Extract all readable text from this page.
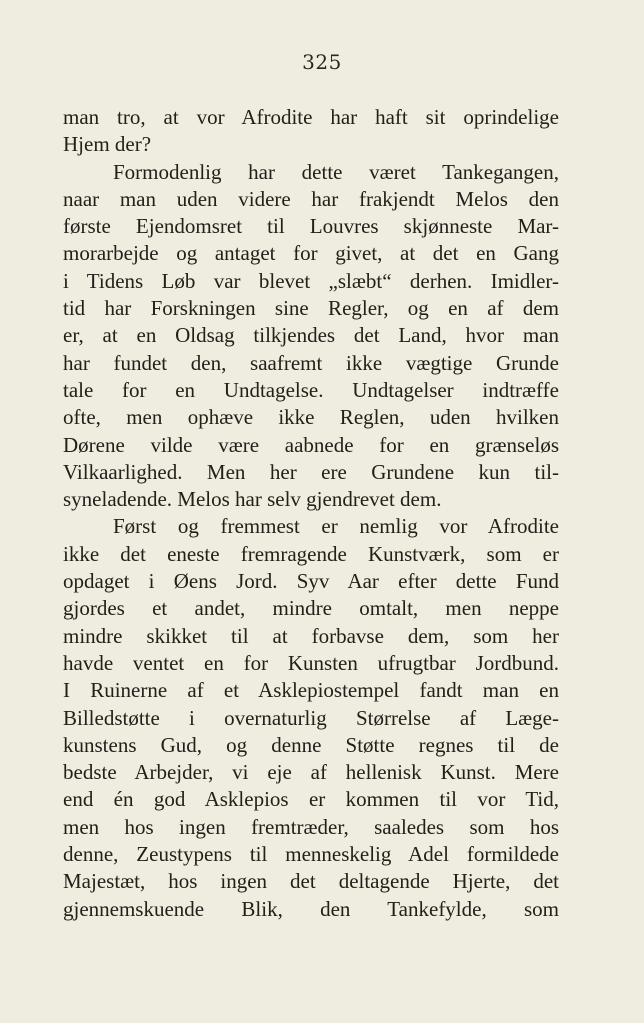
325
man tro, at vor Afrodite har haft sit oprindelige
Hjem der?
Formodenlig har dette været Tankegangen,
naar man uden videre har frakjendt Melos den
første Ejendomsret til Louvres skjønneste Mar-
morarbejde og antaget for givet, at det en Gang
i Tidens Løb var blevet „slæbt“ derhen. Imidler-
tid har Forskningen sine Regler, og en af dem
er, at en Oldsag tilkjendes det Land, hvor man
har fundet den, saafremt ikke vægtige Grunde
tale for en Undtagelse. Undtagelser indtræffe
ofte, men ophæve ikke Reglen, uden hvilken
Dørene vilde være aabnede for en grænseløs
Vilkaarlighed. Men her ere Grundene kun til-
syneladende. Melos har selv gjendrevet dem.
Først og fremmest er nemlig vor Afrodite
ikke det eneste fremragende Kunstværk, som er
opdaget i Øens Jord. Syv Aar efter dette Fund
gjordes et andet, mindre omtalt, men neppe
mindre skikket til at forbavse dem, som her
havde ventet en for Kunsten ufrugtbar Jordbund.
I Ruinerne af et Asklepiostempel fandt man en
Billedstøtte i overnaturlig Størrelse af Læge-
kunstens Gud, og denne Støtte regnes til de
bedste Arbejder, vi eje af hellenisk Kunst. Mere
end én god Asklepios er kommen til vor Tid,
men hos ingen fremtræder, saaledes som hos
denne, Zeustypens til menneskelig Adel formildede
Majestæt, hos ingen det deltagende Hjerte, det
gjennemskuende Blik, den Tankefylde, som
